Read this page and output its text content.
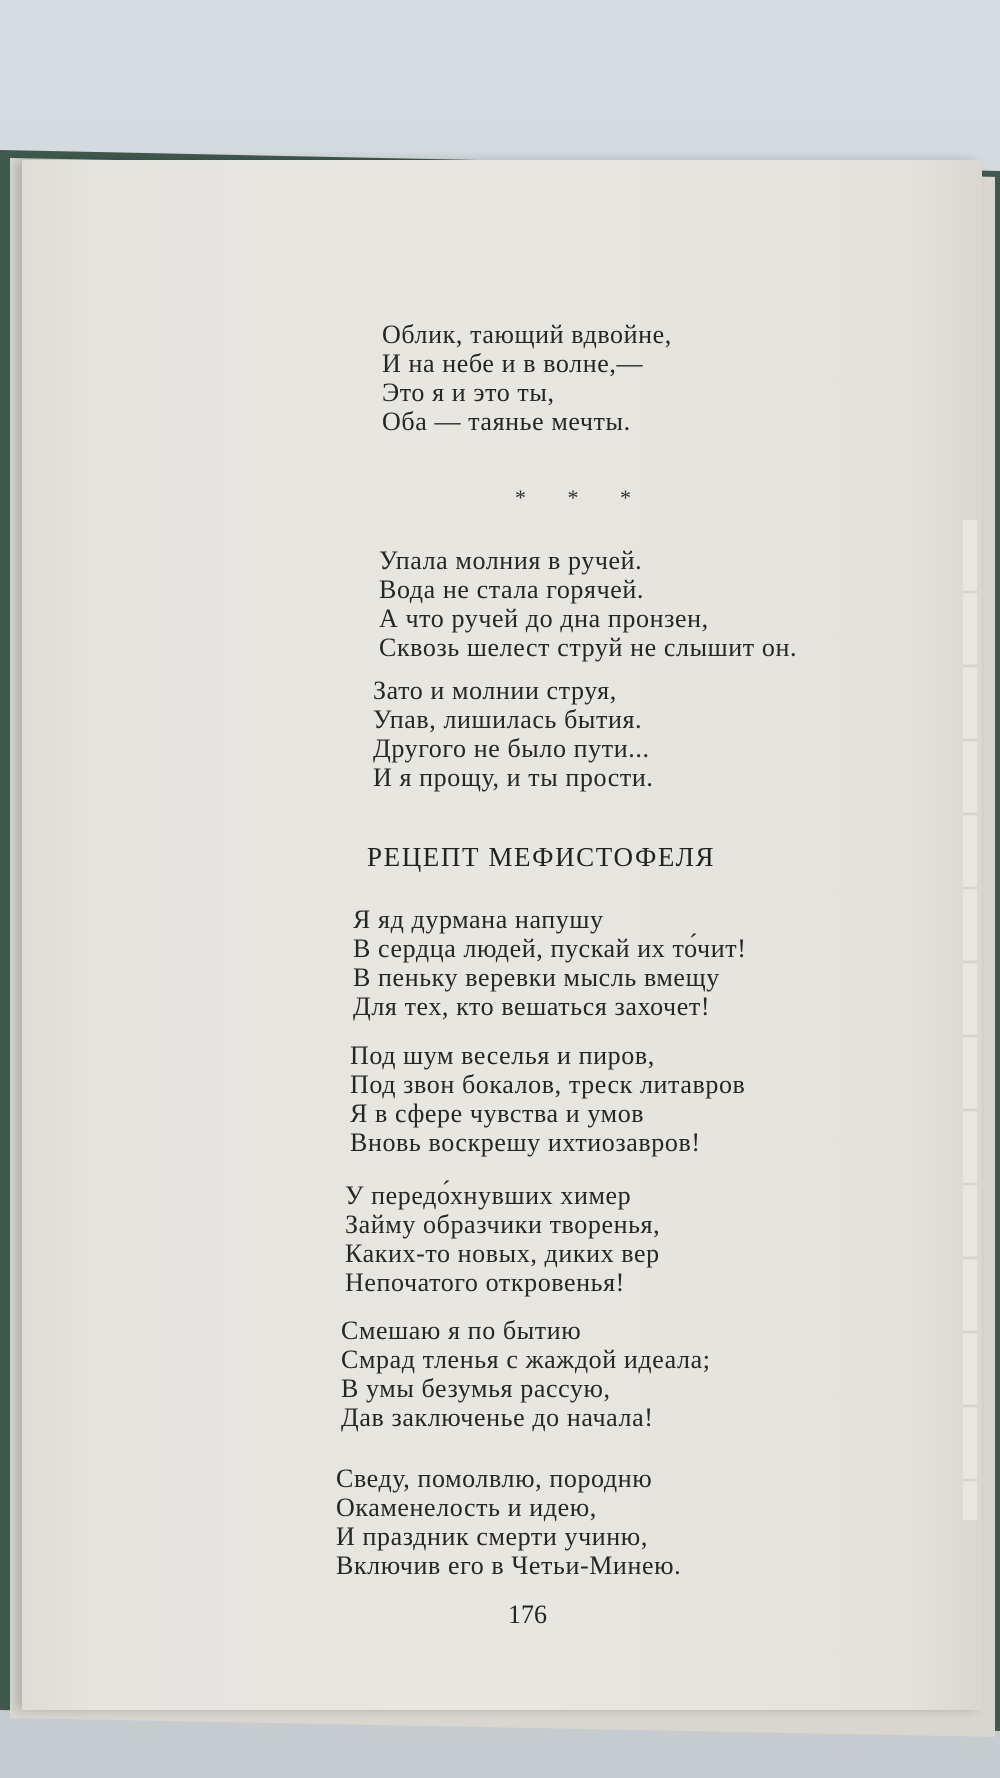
Облик, тающий вдвойне,
И на небе и в волне,—
Это я и это ты,
Оба — таянье мечты.
* * *
Упала молния в ручей.
Вода не стала горячей.
А что ручей до дна пронзен,
Сквозь шелест струй не слышит он.
Зато и молнии струя,
Упав, лишилась бытия.
Другого не было пути...
И я прощу, и ты прости.
РЕЦЕПТ МЕФИСТОФЕЛЯ
Я яд дурмана напушу
В сердца людей, пускай их то́чит!
В пеньку веревки мысль вмещу
Для тех, кто вешаться захочет!
Под шум веселья и пиров,
Под звон бокалов, треск литавров
Я в сфере чувства и умов
Вновь воскрешу ихтиозавров!
У передо́хнувших химер
Займу образчики творенья,
Каких-то новых, диких вер
Непочатого откровенья!
Смешаю я по бытию
Смрад тленья с жаждой идеала;
В умы безумья рассую,
Дав заключенье до начала!
Сведу, помолвлю, породню
Окаменелость и идею,
И праздник смерти учиню,
Включив его в Четьи-Минею.
176
